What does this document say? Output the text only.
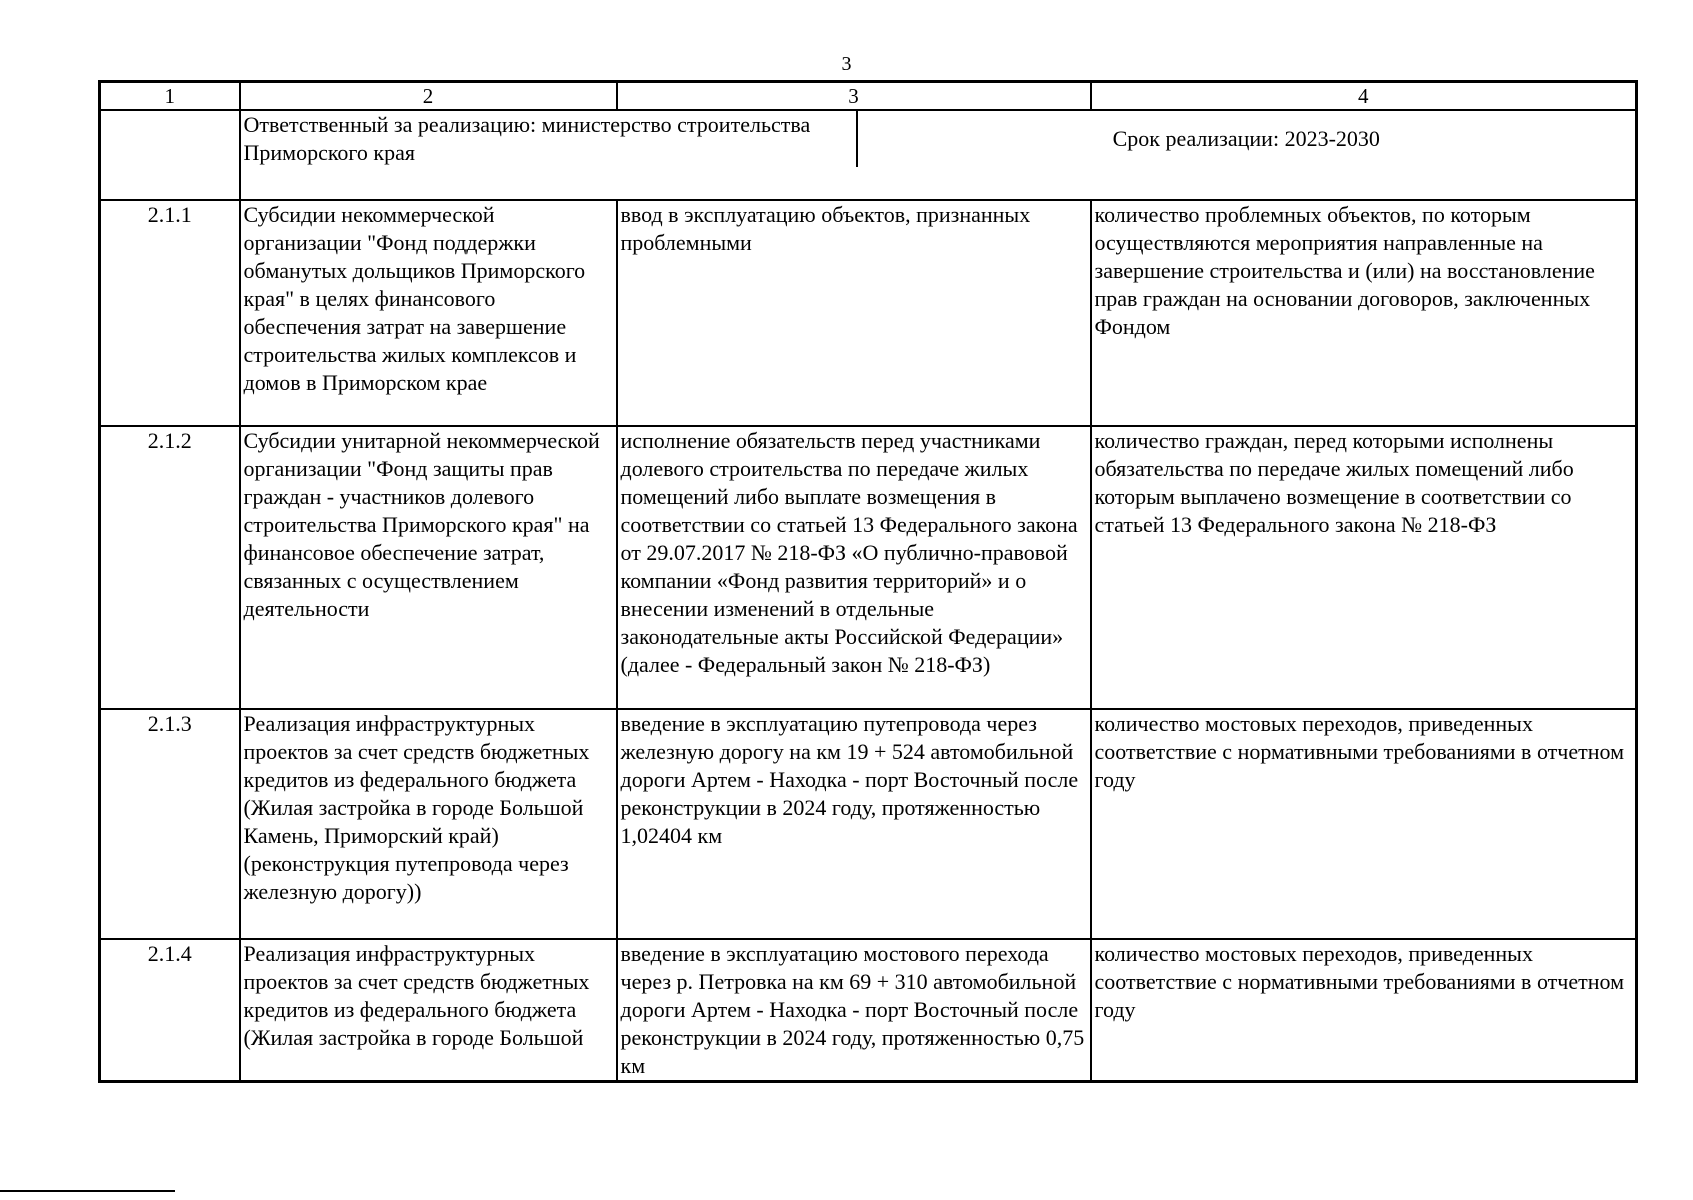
3
1	2	3	4

	Ответственный за реализацию: министерство строительства Приморского края
Срок реализации: 2023-2030		

2.1.1	Субсидии некоммерческой организации "Фонд поддержки обманутых дольщиков Приморского края" в целях финансового обеспечения затрат на завершение строительства жилых комплексов и домов в Приморском крае	ввод в эксплуатацию объектов, признанных проблемными	количество проблемных объектов, по которым осуществляются мероприятия направленные на завершение строительства и (или) на восстановление прав граждан на основании договоров, заключенных Фондом
2.1.2	Субсидии унитарной некоммерческой организации "Фонд защиты прав граждан - участников долевого строительства Приморского края" на финансовое обеспечение затрат, связанных с осуществлением деятельности	исполнение обязательств перед участниками долевого строительства по передаче жилых помещений либо выплате возмещения в соответствии со статьей 13 Федерального закона от 29.07.2017 № 218-ФЗ «О публично-правовой компании «Фонд развития территорий» и о внесении изменений в отдельные законодательные акты Российской Федерации» (далее - Федеральный закон № 218-ФЗ)	количество граждан, перед которыми исполнены обязательства по передаче жилых помещений либо которым выплачено возмещение в соответствии со статьей 13 Федерального закона № 218-ФЗ
2.1.3	Реализация инфраструктурных проектов за счет средств бюджетных кредитов из федерального бюджета (Жилая застройка в городе Большой Камень, Приморский край) (реконструкция путепровода через железную дорогу))	введение в эксплуатацию путепровода через железную дорогу на км 19 + 524 автомобильной дороги Артем - Находка - порт Восточный после реконструкции в 2024 году, протяженностью 1,02404 км	количество мостовых переходов, приведенных соответствие с нормативными требованиями в отчетном году
2.1.4	Реализация инфраструктурных проектов за счет средств бюджетных кредитов из федерального бюджета (Жилая застройка в городе Большой	введение в эксплуатацию мостового перехода через р. Петровка на км 69 + 310 автомобильной дороги Артем - Находка - порт Восточный после реконструкции в 2024 году, протяженностью 0,75 км	количество мостовых переходов, приведенных соответствие с нормативными требованиями в отчетном году
